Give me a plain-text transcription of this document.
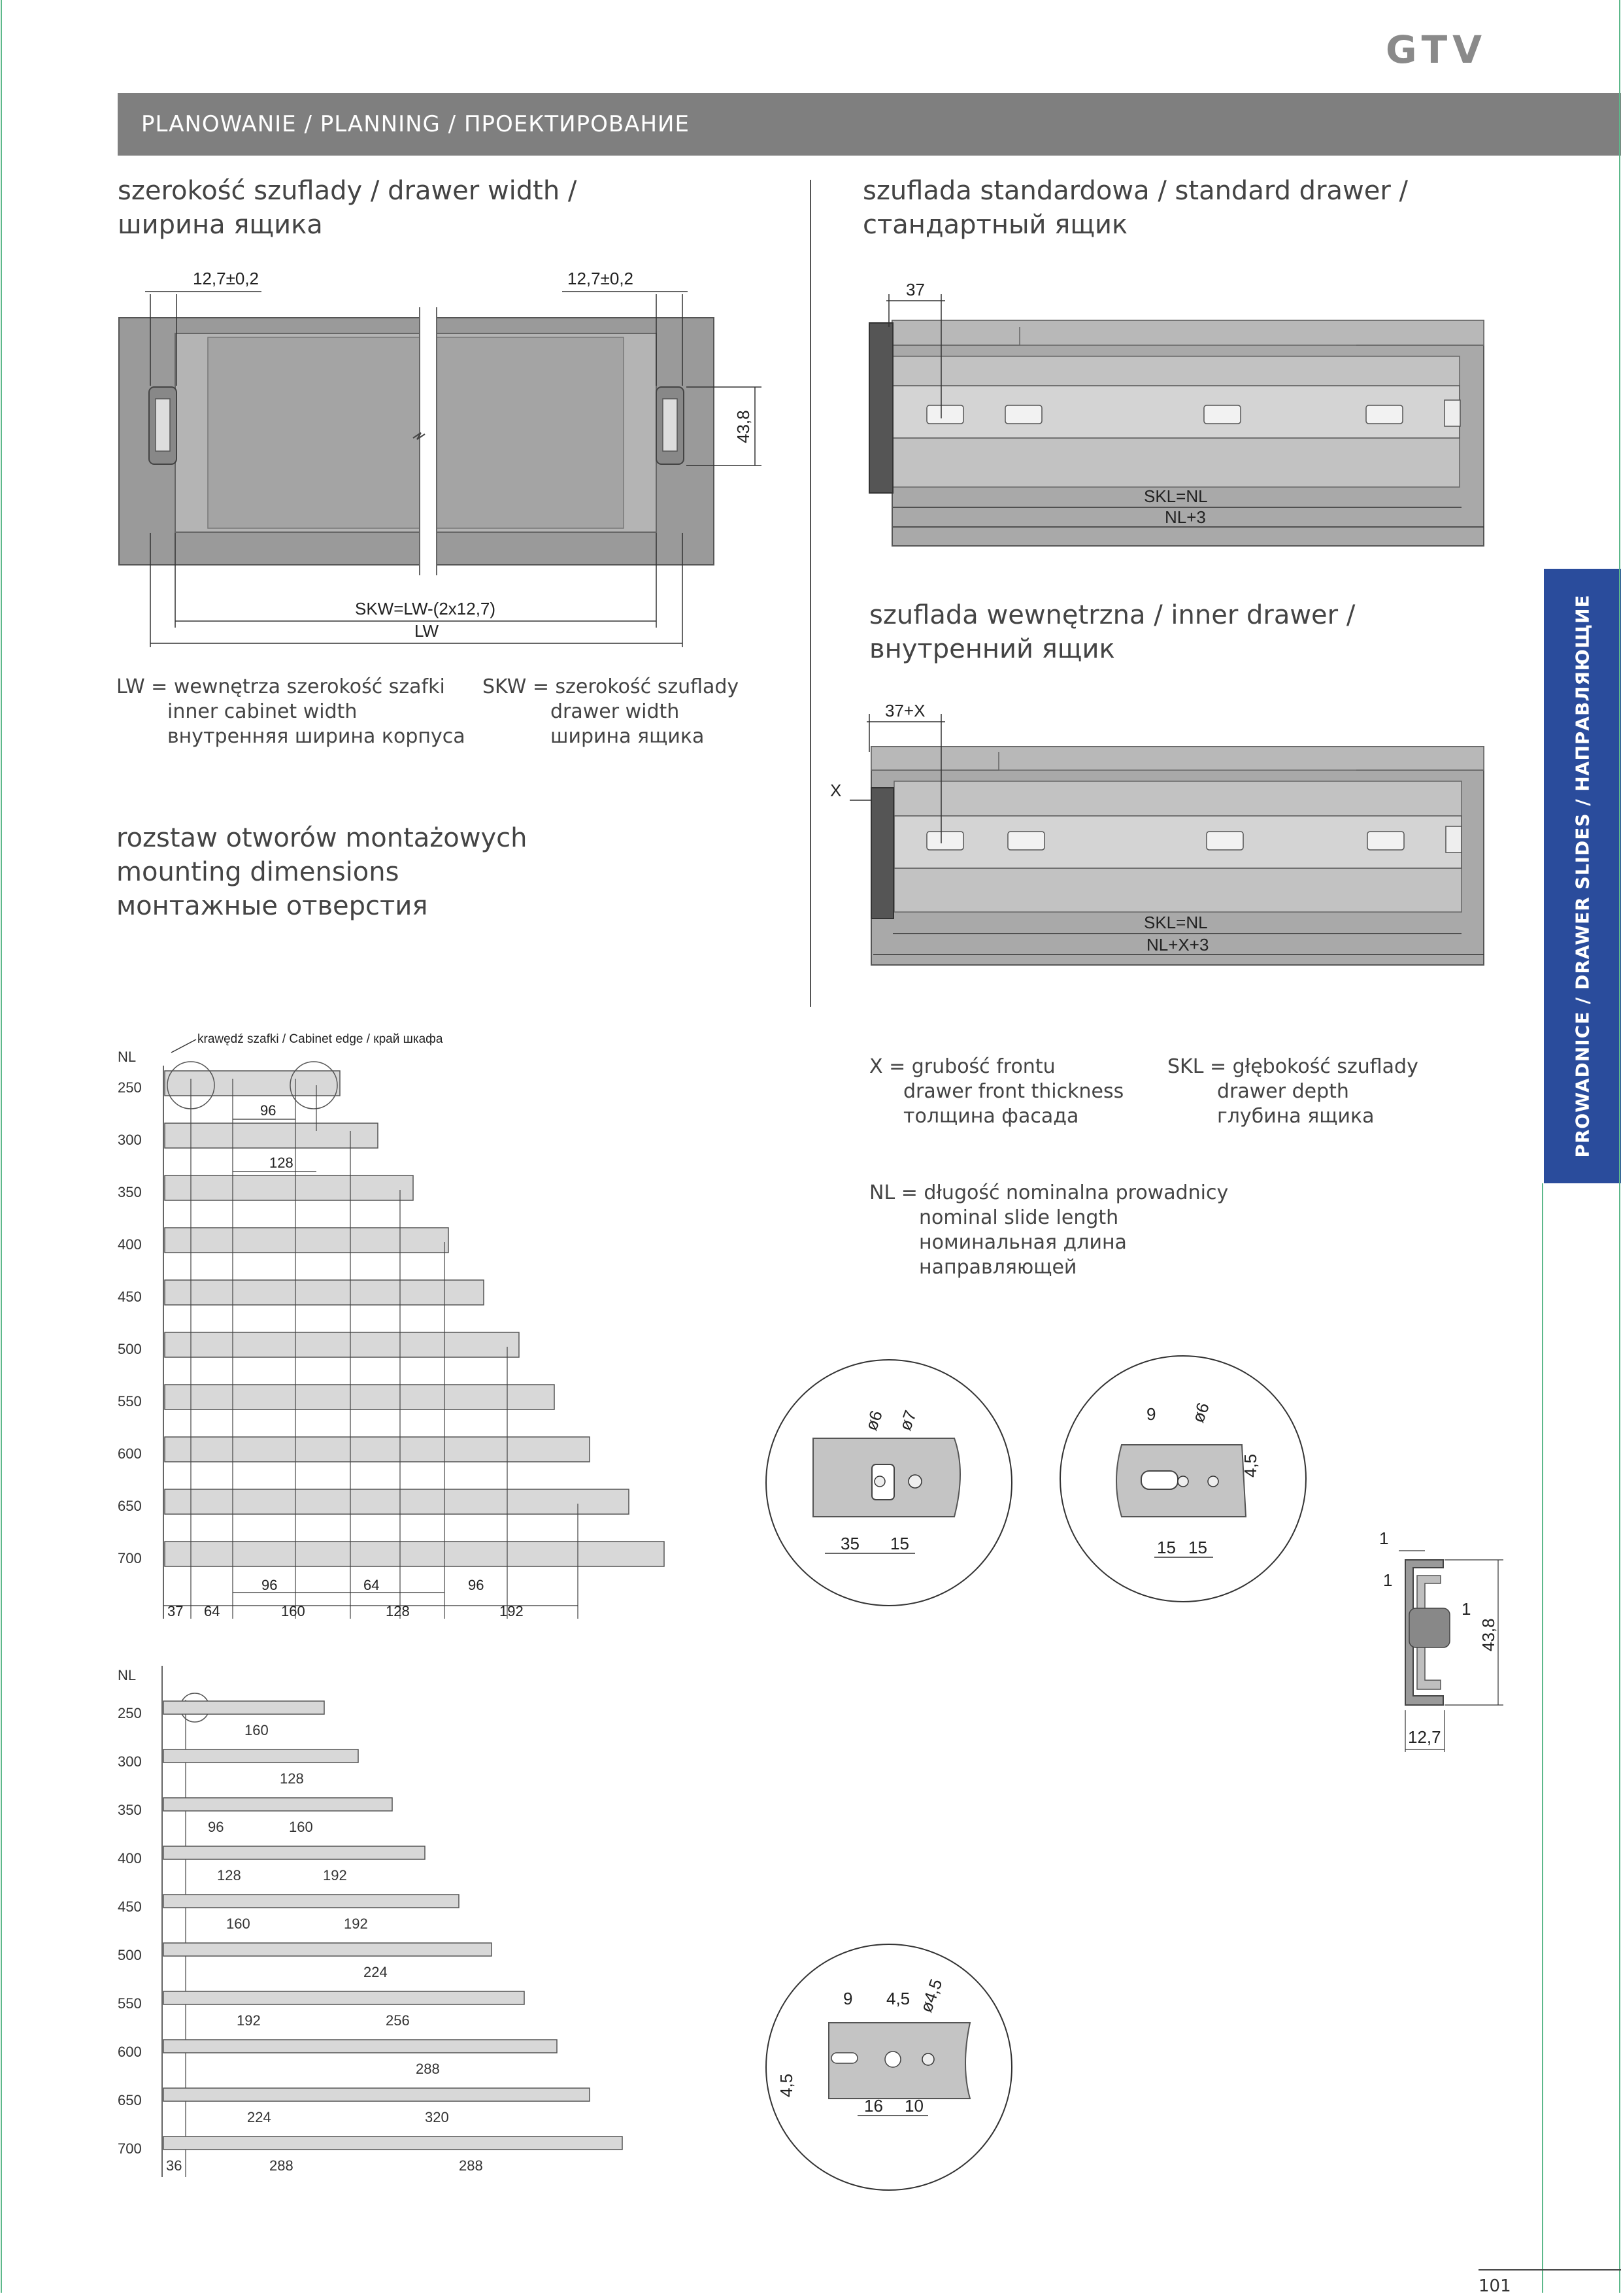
GTV
PLANOWANIE / PLANNING / ПРОЕКТИРОВАНИЕ
PROWADNICE / DRAWER SLIDES / НАПРАВЛЯЮЩИЕ
szerokość szuflady / drawer width /
ширина ящика
szuflada standardowa / standard drawer /
стандартный ящик
szuflada wewnętrzna / inner drawer /
внутренний ящик
LW = wewnętrza szerokość szafki
inner cabinet width
внутренняя ширина корпуса
SKW = szerokość szuflady
drawer width
ширина ящика
rozstaw otworów montażowych
mounting dimensions
монтажные отверстия
X = grubość frontu
drawer front thickness
толщина фасада
SKL = głębokość szuflady
drawer depth
глубина ящика
NL = długość nominalna prowadnicy
nominal slide length
номинальная длина
направляющей
101
12,7±0,2	12,7±0,2
43,8
SKW=LW-(2x12,7)
LW
37
SKL=NL
NL+3
37+X
X
SKL=NL
NL+X+3
krawędź szafki / Cabinet edge / край шкафа
NL
250
300
350
400
450
500
550
600
650
700
96
128
37 64
96
160
64
128
96
192
NL
250
160
300
128
350
96	160
400
128	192
450
160	192
500
224
550
192	256
600
288
650
224	320
700
36	288	288
ø6 ø7
35 15
9 ø6
4,5
15 15
9 4,5 ø4,5
4,5
16 10
1
1
1
43,8
12,7
